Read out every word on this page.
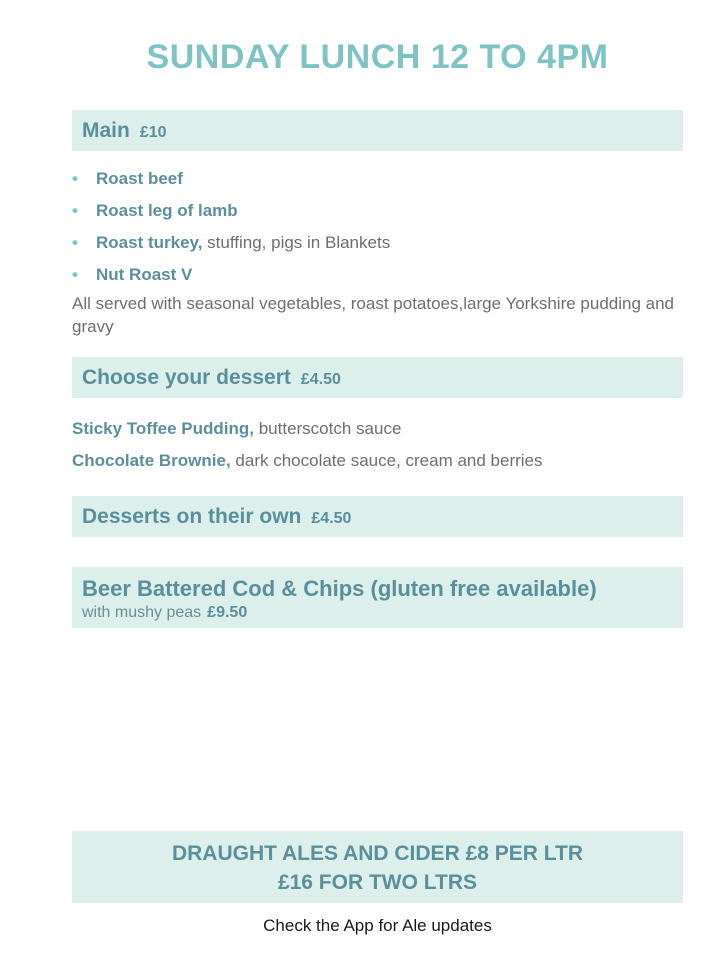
SUNDAY LUNCH 12 TO 4PM
Main £10
• Roast beef
• Roast leg of lamb
• Roast turkey, stuffing, pigs in Blankets
• Nut Roast V
All served with seasonal vegetables, roast potatoes,large Yorkshire pudding and gravy
Choose your dessert £4.50
Sticky Toffee Pudding, butterscotch sauce
Chocolate Brownie, dark chocolate sauce, cream and berries
Desserts on their own £4.50
Beer Battered Cod & Chips (gluten free available)
with mushy peas £9.50
DRAUGHT ALES AND CIDER £8 PER LTR
£16 FOR TWO LTRS
Check the App for Ale updates
